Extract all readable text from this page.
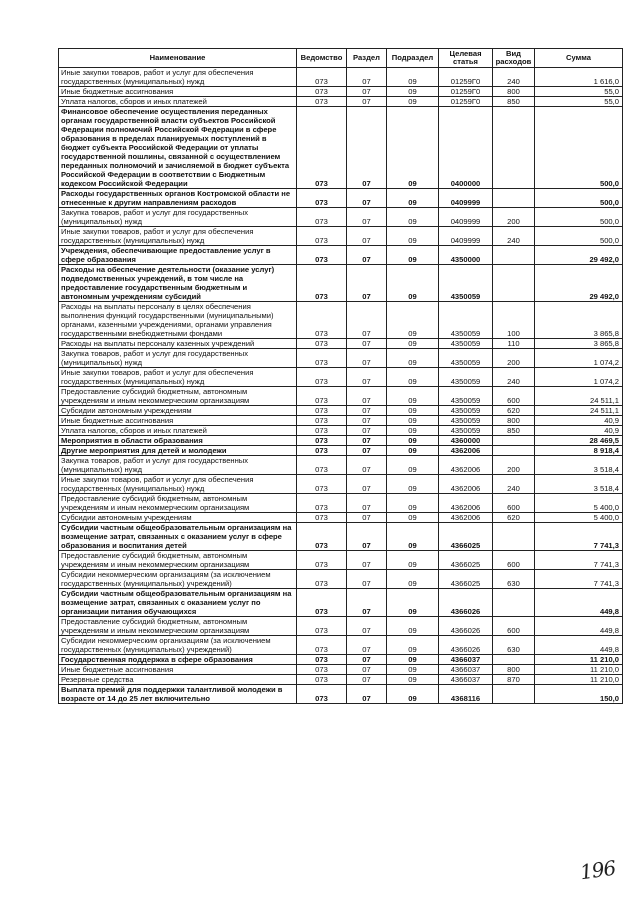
Наименование	Ведомство	Раздел	Подраздел	Целевая статья	Вид расходов	Сумма
Иные закупки товаров, работ и услуг для обеспечения государственных (муниципальных) нужд	073	07	09	01259Г0	240	1 616,0
Иные бюджетные ассигнования	073	07	09	01259Г0	800	55,0
Уплата налогов, сборов и иных платежей	073	07	09	01259Г0	850	55,0
Финансовое обеспечение осуществления переданных органам государственной власти субъектов Российской Федерации полномочий Российской Федерации в сфере образования в пределах планируемых поступлений в бюджет субъекта Российской Федерации от уплаты государственной пошлины, связанной с осуществлением переданных полномочий и зачисляемой в бюджет субъекта Российской Федерации в соответствии с Бюджетным кодексом Российской Федерации	073	07	09	0400000		500,0
Расходы государственных органов Костромской области не отнесенные к другим направлениям расходов	073	07	09	0409999		500,0
Закупка товаров, работ и услуг для государственных (муниципальных) нужд	073	07	09	0409999	200	500,0
Иные закупки товаров, работ и услуг для обеспечения государственных (муниципальных) нужд	073	07	09	0409999	240	500,0
Учреждения, обеспечивающие предоставление услуг в сфере образования	073	07	09	4350000		29 492,0
Расходы на обеспечение деятельности (оказание услуг) подведомственных учреждений, в том числе на предоставление государственным бюджетным и автономным учреждениям субсидий	073	07	09	4350059		29 492,0
Расходы на выплаты персоналу в целях обеспечения выполнения функций государственными (муниципальными) органами, казенными учреждениями, органами управления государственными внебюджетными фондами	073	07	09	4350059	100	3 865,8
Расходы на выплаты персоналу казенных учреждений	073	07	09	4350059	110	3 865,8
Закупка товаров, работ и услуг для государственных (муниципальных) нужд	073	07	09	4350059	200	1 074,2
Иные закупки товаров, работ и услуг для обеспечения государственных (муниципальных) нужд	073	07	09	4350059	240	1 074,2
Предоставление субсидий бюджетным, автономным учреждениям и иным некоммерческим организациям	073	07	09	4350059	600	24 511,1
Субсидии автономным учреждениям	073	07	09	4350059	620	24 511,1
Иные бюджетные ассигнования	073	07	09	4350059	800	40,9
Уплата налогов, сборов и иных платежей	073	07	09	4350059	850	40,9
Мероприятия в области образования	073	07	09	4360000		28 469,5
Другие мероприятия для детей и молодежи	073	07	09	4362006		8 918,4
Закупка товаров, работ и услуг для государственных (муниципальных) нужд	073	07	09	4362006	200	3 518,4
Иные закупки товаров, работ и услуг для обеспечения государственных (муниципальных) нужд	073	07	09	4362006	240	3 518,4
Предоставление субсидий бюджетным, автономным учреждениям и иным некоммерческим организациям	073	07	09	4362006	600	5 400,0
Субсидии автономным учреждениям	073	07	09	4362006	620	5 400,0
Субсидии частным общеобразовательным организациям на возмещение затрат, связанных с оказанием услуг в сфере образования и воспитания детей	073	07	09	4366025		7 741,3
Предоставление субсидий бюджетным, автономным учреждениям и иным некоммерческим организациям	073	07	09	4366025	600	7 741,3
Субсидии некоммерческим организациям (за исключением государственных (муниципальных) учреждений)	073	07	09	4366025	630	7 741,3
Субсидии частным общеобразовательным организациям на возмещение затрат, связанных с оказанием услуг по организации питания обучающихся	073	07	09	4366026		449,8
Предоставление субсидий бюджетным, автономным учреждениям и иным некоммерческим организациям	073	07	09	4366026	600	449,8
Субсидии некоммерческим организациям (за исключением государственных (муниципальных) учреждений)	073	07	09	4366026	630	449,8
Государственная поддержка в сфере образования	073	07	09	4366037		11 210,0
Иные бюджетные ассигнования	073	07	09	4366037	800	11 210,0
Резервные средства	073	07	09	4366037	870	11 210,0
Выплата премий для поддержки талантливой молодежи в возрасте от 14 до 25 лет включительно	073	07	09	4368116		150,0
196
